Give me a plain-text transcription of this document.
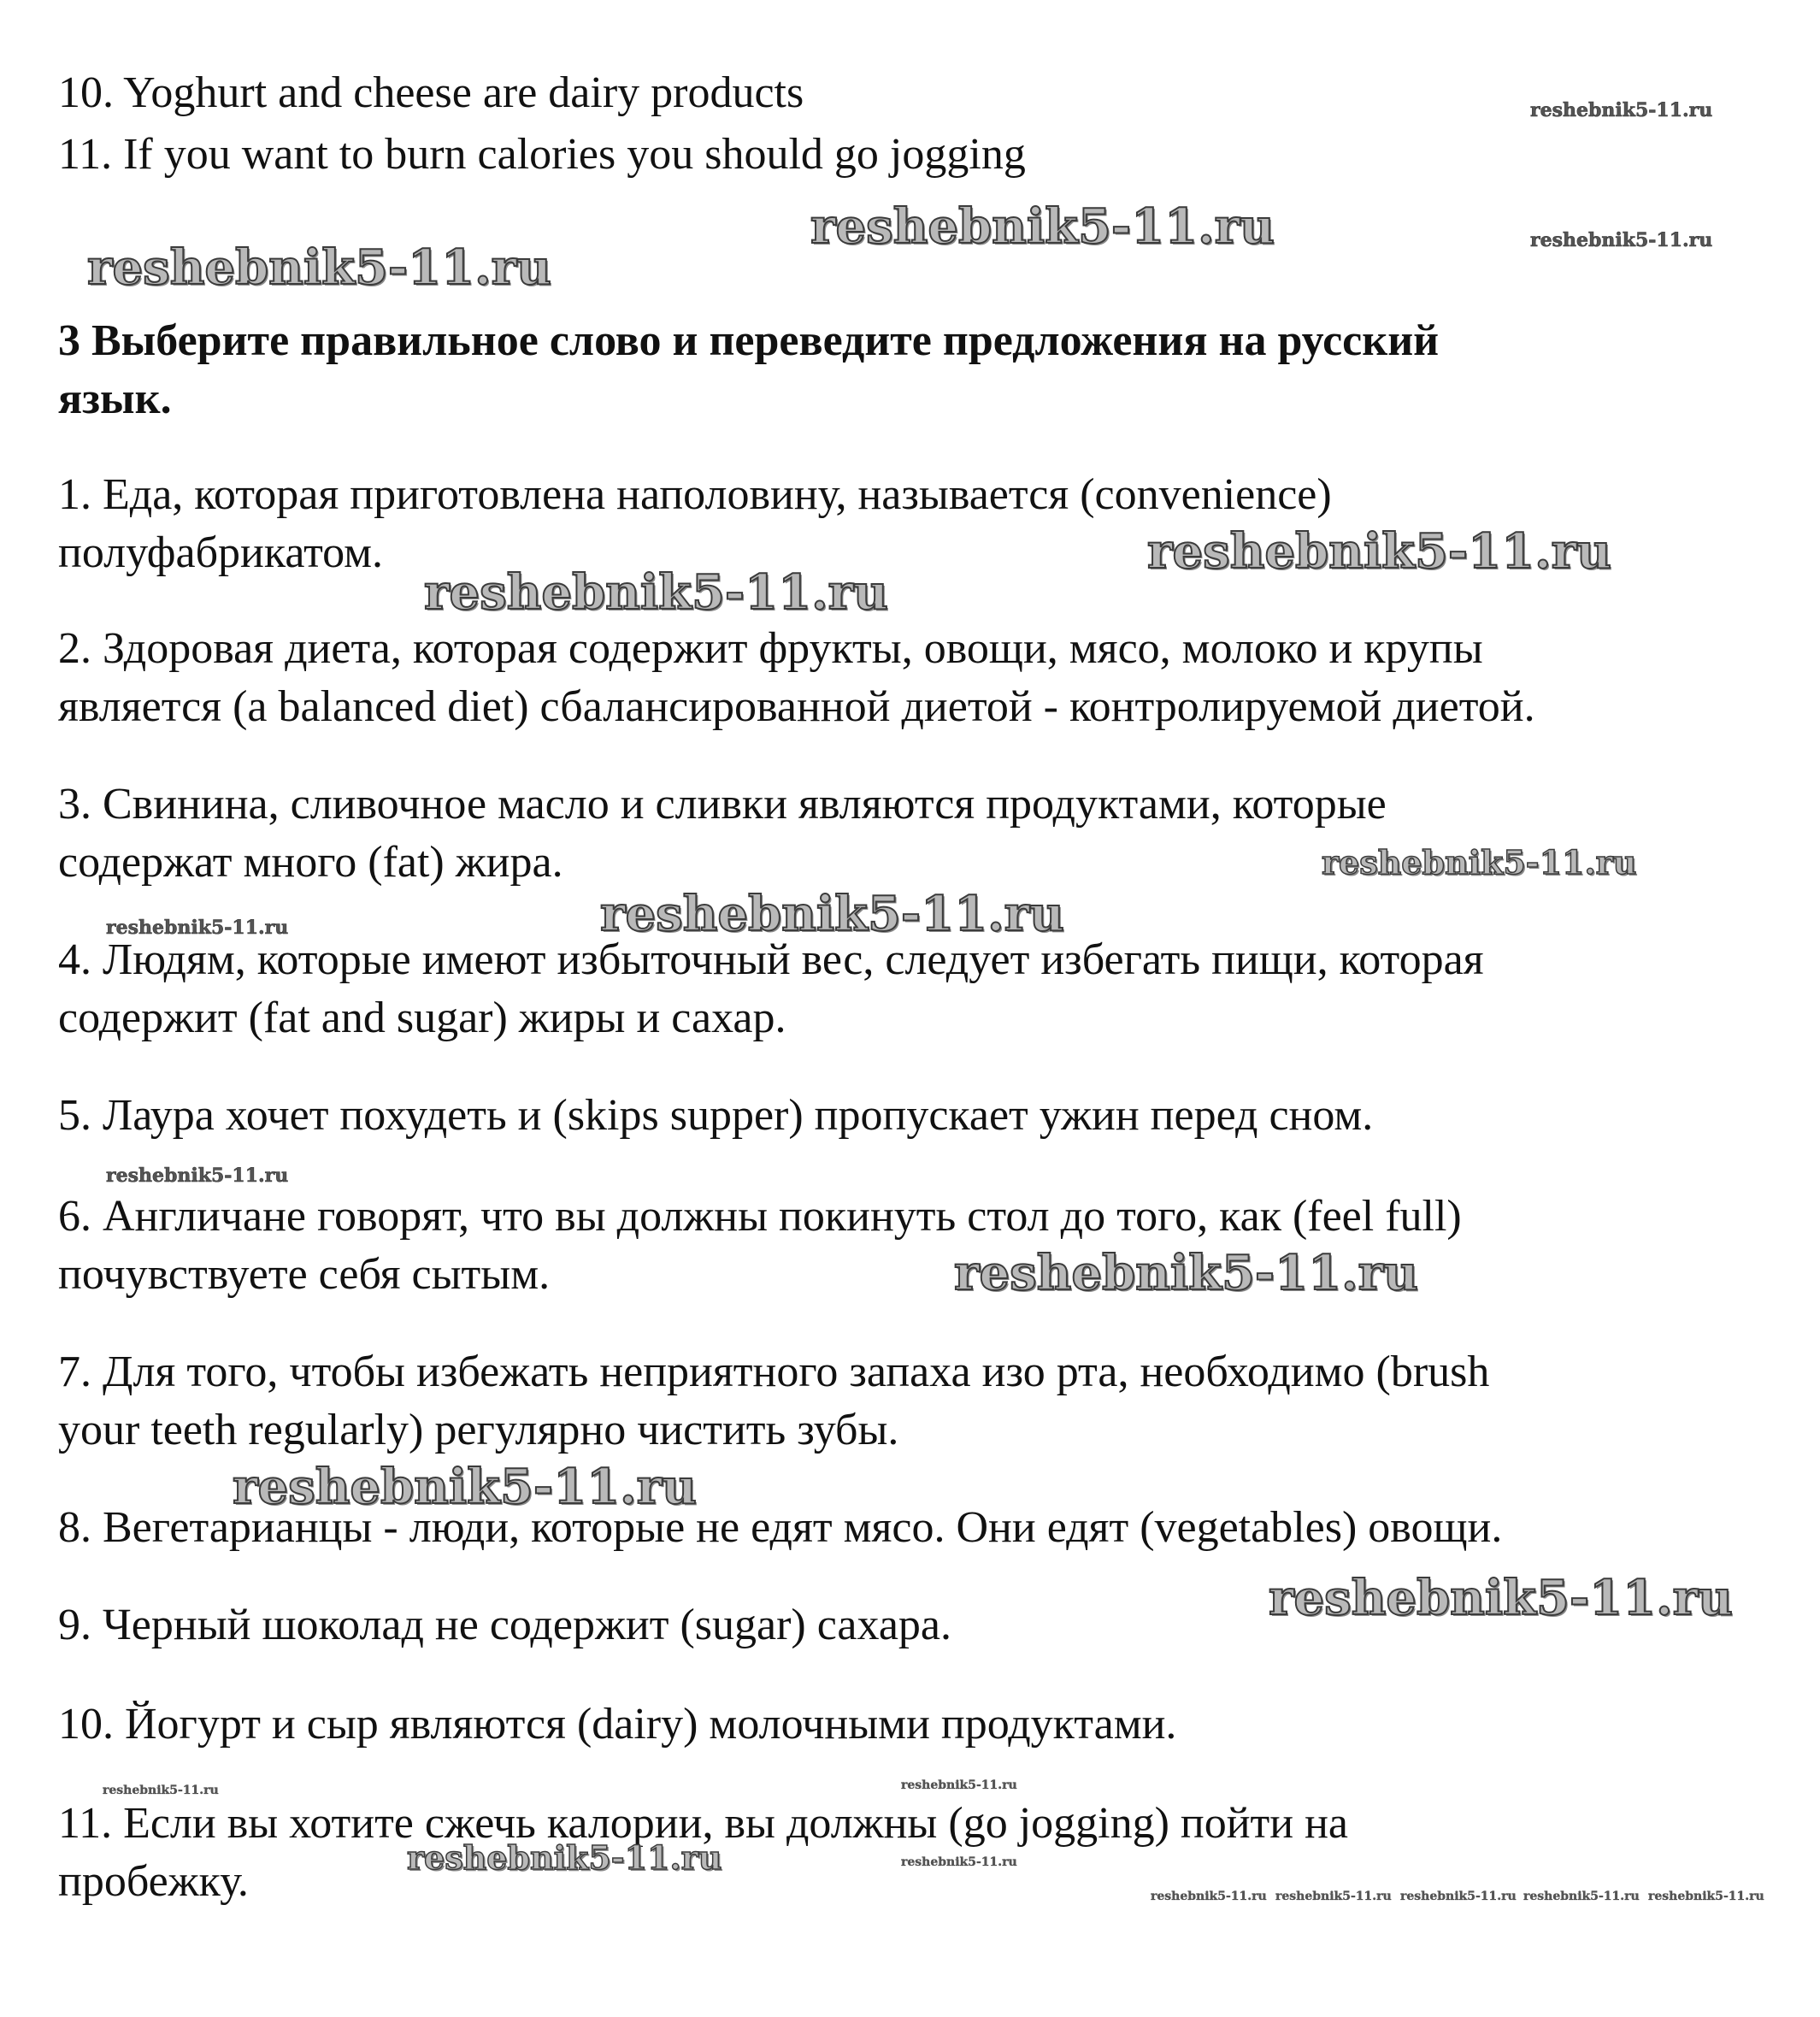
10. Yoghurt and cheese are dairy products
11. If you want to burn calories you should go jogging
3 Выберите правильное слово и переведите предложения на русский
язык.
1. Еда, которая приготовлена наполовину, называется (convenience)
полуфабрикатом.
2. Здоровая диета, которая содержит фрукты, овощи, мясо, молоко и крупы
является (a balanced diet) сбалансированной диетой - контролируемой диетой.
3. Свинина, сливочное масло и сливки являются продуктами, которые
содержат много (fat) жира.
4. Людям, которые имеют избыточный вес, следует избегать пищи, которая
содержит (fat and sugar) жиры и сахар.
5. Лаура хочет похудеть и (skips supper) пропускает ужин перед сном.
6. Англичане говорят, что вы должны покинуть стол до того, как (feel full)
почувствуете себя сытым.
7. Для того, чтобы избежать неприятного запаха изо рта, необходимо (brush
your teeth regularly) регулярно чистить зубы.
8. Вегетарианцы - люди, которые не едят мясо. Они едят (vegetables) овощи.
9. Черный шоколад не содержит (sugar) сахара.
10. Йогурт и сыр являются (dairy) молочными продуктами.
11. Если вы хотите сжечь калории, вы должны (go jogging) пойти на
пробежку.
reshebnik5-11.ru
reshebnik5-11.ru	reshebnik5-11.ru
reshebnik5-11.ru
reshebnik5-11.ru
reshebnik5-11.ru
reshebnik5-11.ru
reshebnik5-11.ru
reshebnik5-11.ru
reshebnik5-11.ru
reshebnik5-11.ru
reshebnik5-11.ru
reshebnik5-11.ru
reshebnik5-11.ru	reshebnik5-11.ru
reshebnik5-11.ru	reshebnik5-11.ru
reshebnik5-11.ru reshebnik5-11.ru reshebnik5-11.ru reshebnik5-11.ru reshebnik5-11.ru
